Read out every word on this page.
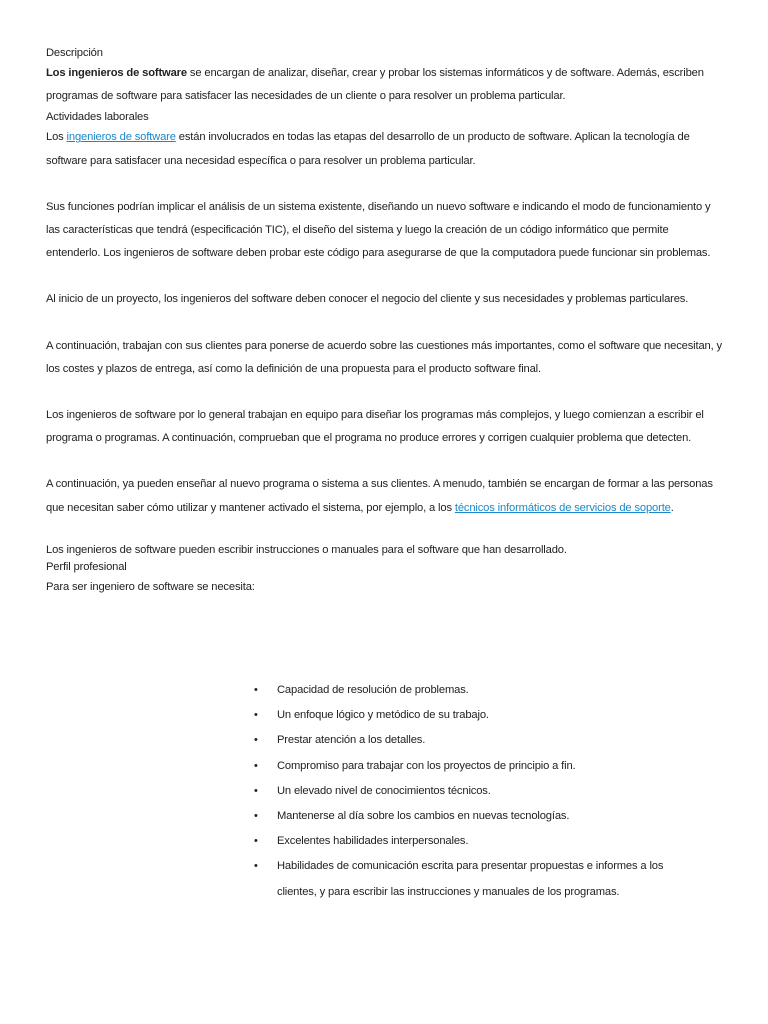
Descripción

Los ingenieros de software se encargan de analizar, diseñar, crear y probar los sistemas informáticos y de software. Además, escriben programas de software para satisfacer las necesidades de un cliente o para resolver un problema particular.

Actividades laborales

Los ingenieros de software están involucrados en todas las etapas del desarrollo de un producto de software. Aplican la tecnología de software para satisfacer una necesidad específica o para resolver un problema particular.

Sus funciones podrían implicar el análisis de un sistema existente, diseñando un nuevo software e indicando el modo de funcionamiento y las características que tendrá (especificación TIC), el diseño del sistema y luego la creación de un código informático que permite entenderlo. Los ingenieros de software deben probar este código para asegurarse de que la computadora puede funcionar sin problemas.

Al inicio de un proyecto, los ingenieros del software deben conocer el negocio del cliente y sus necesidades y problemas particulares.

A continuación, trabajan con sus clientes para ponerse de acuerdo sobre las cuestiones más importantes, como el software que necesitan, y los costes y plazos de entrega, así como la definición de una propuesta para el producto software final.

Los ingenieros de software por lo general trabajan en equipo para diseñar los programas más complejos, y luego comienzan a escribir el programa o programas. A continuación, comprueban que el programa no produce errores y corrigen cualquier problema que detecten.

A continuación, ya pueden enseñar al nuevo programa o sistema a sus clientes. A menudo, también se encargan de formar a las personas que necesitan saber cómo utilizar y mantener activado el sistema, por ejemplo, a los técnicos informáticos de servicios de soporte.

Los ingenieros de software pueden escribir instrucciones o manuales para el software que han desarrollado.

Perfil profesional

Para ser ingeniero de software se necesita:

• Capacidad de resolución de problemas.
• Un enfoque lógico y metódico de su trabajo.
• Prestar atención a los detalles.
• Compromiso para trabajar con los proyectos de principio a fin.
• Un elevado nivel de conocimientos técnicos.
• Mantenerse al día sobre los cambios en nuevas tecnologías.
• Excelentes habilidades interpersonales.
• Habilidades de comunicación escrita para presentar propuestas e informes a los clientes, y para escribir las instrucciones y manuales de los programas.
